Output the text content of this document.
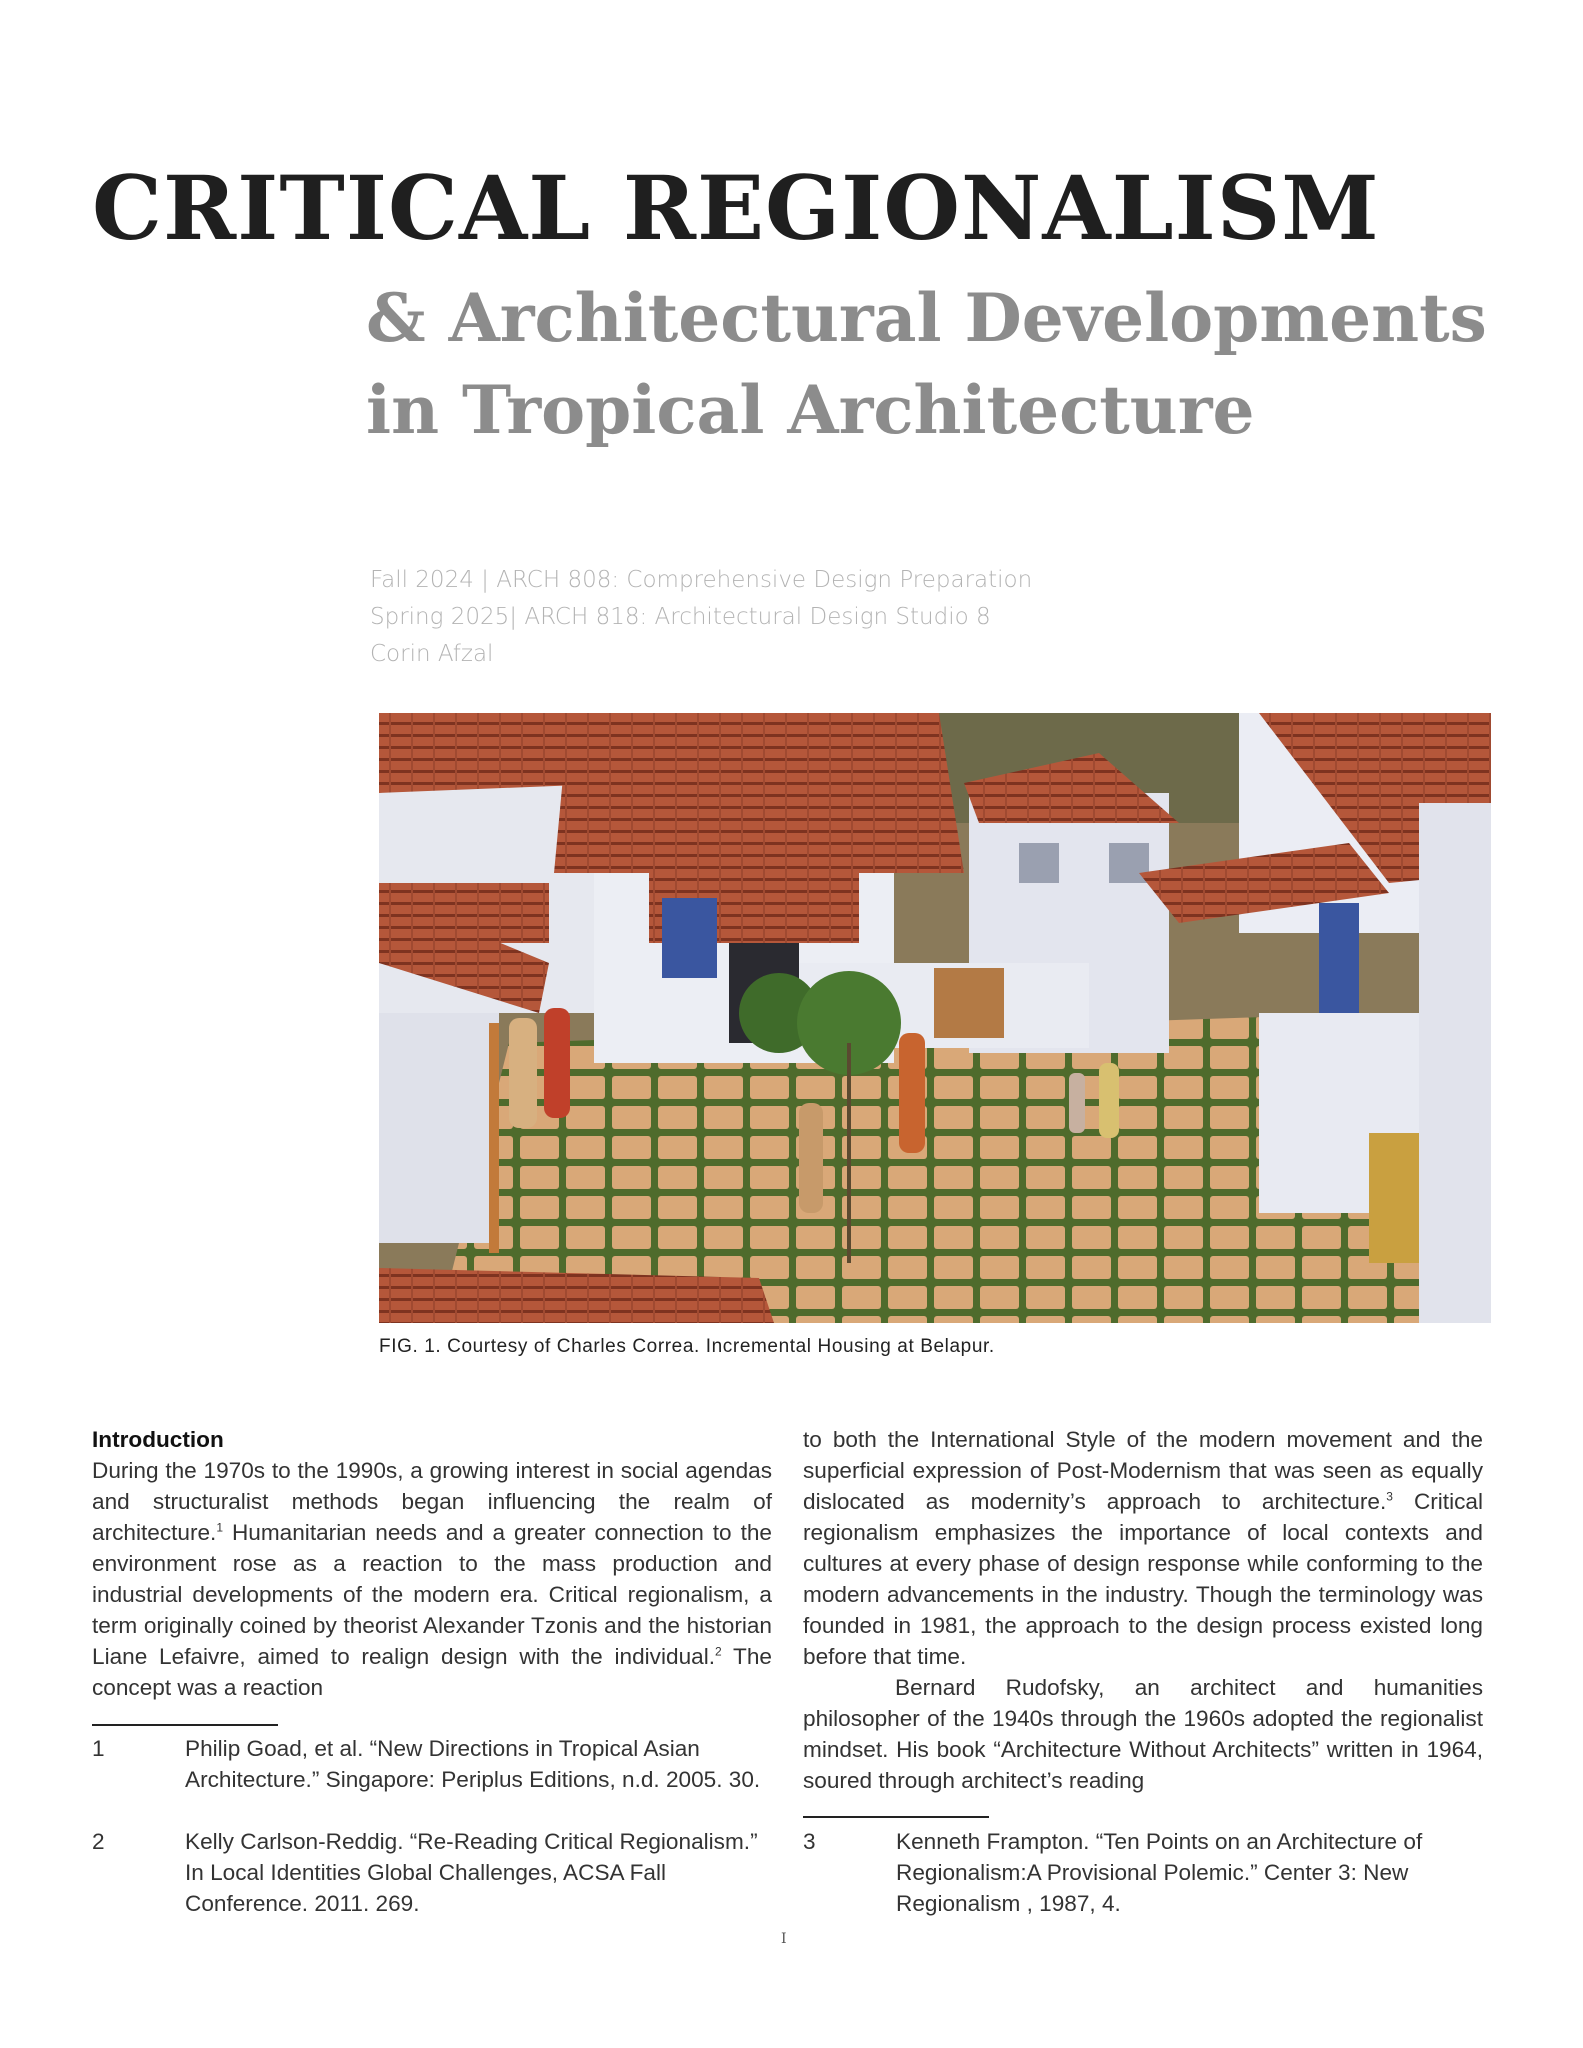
CRITICAL REGIONALISM
& Architectural Developments
in Tropical Architecture
Fall 2024 | ARCH 808: Comprehensive Design Preparation
Spring 2025| ARCH 818: Architectural Design Studio 8
Corin Afzal
FIG. 1. Courtesy of Charles Correa. Incremental Housing at Belapur.

Introduction

During the 1970s to the 1990s, a growing interest in social agendas and structuralist methods began influencing the realm of architecture.$^1$ Humanitarian needs and a greater connection to the environment rose as a reaction to the mass production and industrial developments of the modern era. Critical regionalism, a term originally coined by theorist Alexander Tzonis and the historian Liane Lefaivre, aimed to realign design with the individual.$^2$ The concept was a reaction

to both the International Style of the modern movement and the superficial expression of Post-Modernism that was seen as equally dislocated as modernity’s approach to architecture.$^3$ Critical regionalism emphasizes the importance of local contexts and cultures at every phase of design response while conforming to the modern advancements in the industry. Though the terminology was founded in 1981, the approach to the design process existed long before that time.

Bernard Rudofsky, an architect and humanities philosopher of the 1940s through the 1960s adopted the regionalist mindset. His book “Architecture Without Architects” written in 1964, soured through architect’s reading

1	Philip Goad, et al. “New Directions in Tropical Asian Architecture.” Singapore: Periplus Editions, n.d. 2005. 30.
2	Kelly Carlson-Reddig. “Re-Reading Critical Regionalism.” In Local Identities Global Challenges, ACSA Fall Conference. 2011. 269.
3	Kenneth Frampton. “Ten Points on an Architecture of Regionalism:A Provisional Polemic.” Center 3: New Regionalism , 1987, 4.
I
